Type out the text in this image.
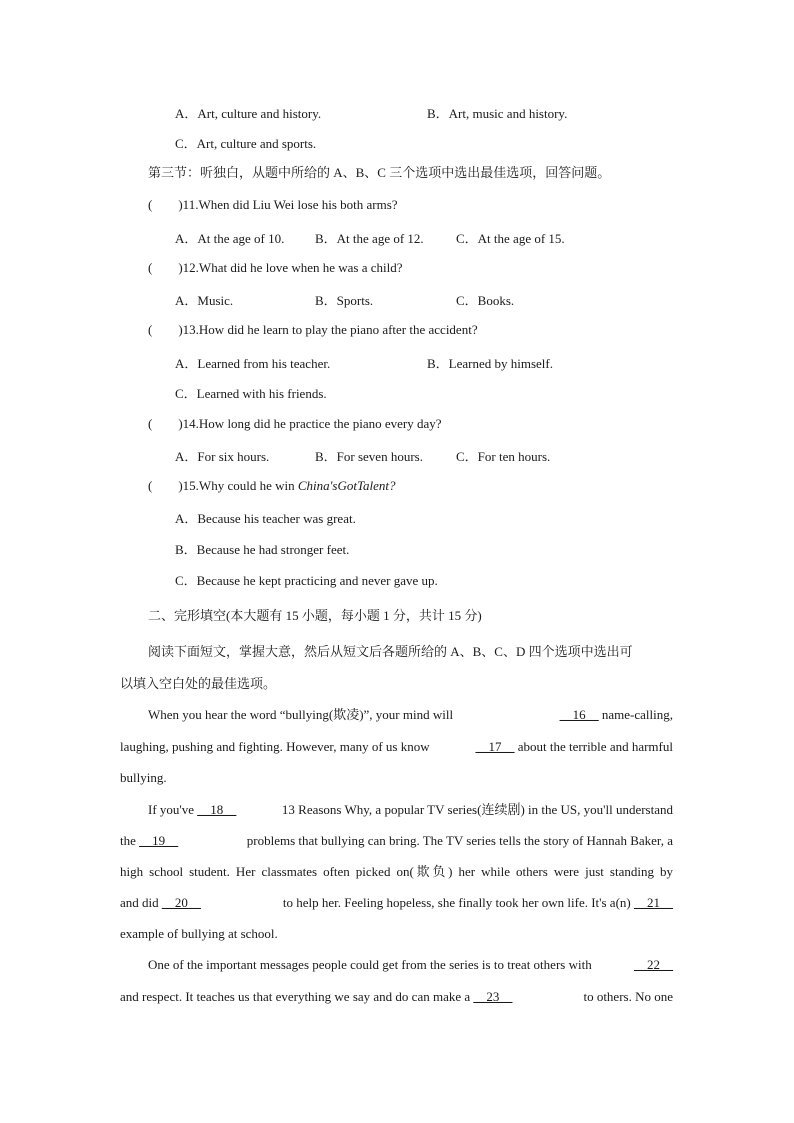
A．Art, culture and history.	B．Art, music and history.
C．Art, culture and sports.
第三节：听独白，从题中所给的 A、B、C 三个选项中选出最佳选项，回答问题。
(　　)11.When did Liu Wei lose his both arms?
A．At the age of 10. B．At the age of 12. C．At the age of 15.
(　　)12.What did he love when he was a child?
A．Music.	B．Sports.	C．Books.
(　　)13.How did he learn to play the piano after the accident?
A．Learned from his teacher.	B．Learned by himself.
C．Learned with his friends.
(　　)14.How long did he practice the piano every day?
A．For six hours.	B．For seven hours.	C．For ten hours.
(　　)15.Why could he win China'sGotTalent?
A．Because his teacher was great.
B．Because he had stronger feet.
C．Because he kept practicing and never gave up.
二、完形填空(本大题有 15 小题，每小题 1 分，共计 15 分)
阅读下面短文，掌握大意，然后从短文后各题所给的 A、B、C、D 四个选项中选出可
以填入空白处的最佳选项。
When you hear the word “bullying(欺凌)”, your mind will	__16__ name-calling,
laughing, pushing and fighting. However, many of us know	__17__ about the terrible and harmful
bullying.
If you've __18__	13 Reasons Why, a popular TV series(连续剧) in the US, you'll understand
the __19__	problems that bullying can bring. The TV series tells the story of Hannah Baker, a
high school student. Her classmates often picked on(欺负) her while others were just standing by
and did __20__	to help her. Feeling hopeless, she finally took her own life. It's a(n) __21__
example of bullying at school.
One of the important messages people could get from the series is to treat others with	__22__
and respect. It teaches us that everything we say and do can make a __23__	to others. No one
